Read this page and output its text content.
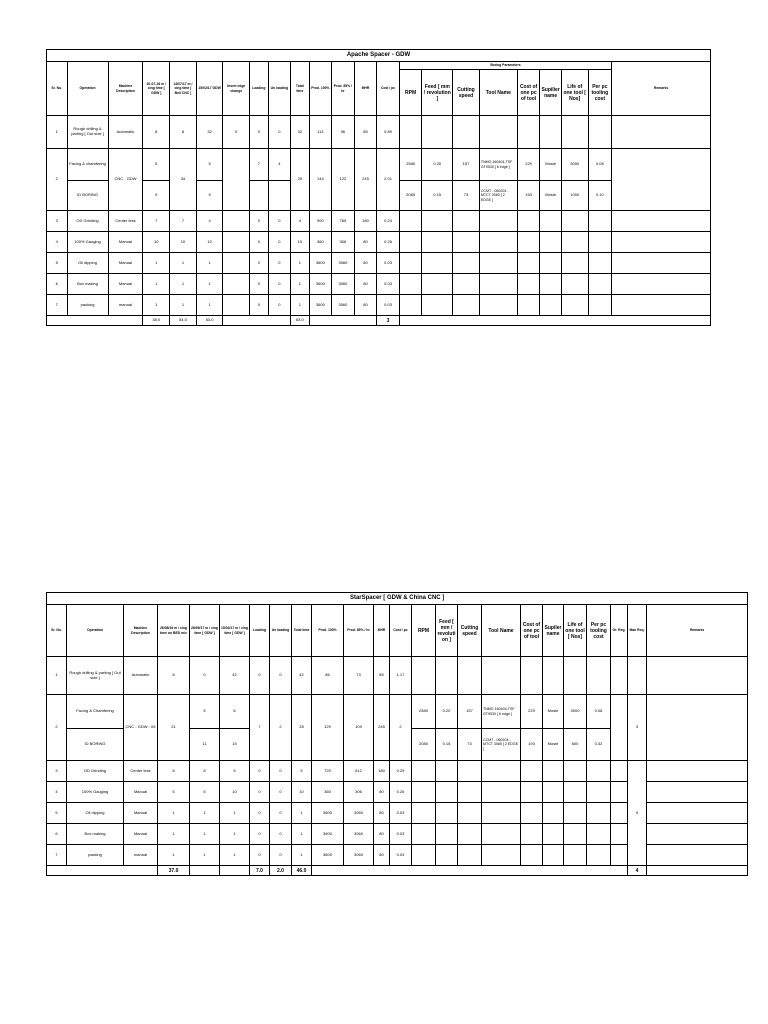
Apache Spacer - GDW																						
Sr. No.	Operation	Machine Description	20-07-16 m / cing time [ GDW ]	14/07/17 m / cing time [ Bell CNC ]	15/02/17 GDW	Insert edge change	Loading	Un loading	Total time	Prod. 100%	Prod. 85% / hr	MHR	Cost / pc	Boring Parameters								Remarks
														RPM	Feed [ mm / revolution ]	Cutting speed	Tool Name	Cost of one pc of tool	Supilier name	Life of one tool [ Nos]	Per pc tooling cost	
1	Rough drilling & parting [ Out side ]	Automatic	8	8	32	0	0	0	32	113	96	85	0.89									
2	Facing & chamfering	CNC - GDW	5	34	5		7	4	25	144	122	245	2.01	2580	0.20	157	TNMG 160404-TSF GT9530 [ 6 edge ]	229	Mosle	3000	0.08	
	ID BORING		9		9									2080	0.15	73	CCMT - 060204 - MTCT 3080 [ 2 EDGE ]	193	Mosle	1000	0.10	
3	OD Grinding	Center less	7	7	4		0	0	4	900	765	180	0.24									
4	100% Gauging	Manual	10	10	10		0	0	10	360	306	80	0.26									
5	Oil dipping	Manual	1	1	1		0	0	1	3600	3060	80	0.03									
6	Box making	Manual	1	1	1		0	0	1	3600	3060	80	0.03									
7	packing	manual	1	1	1		0	0	1	3600	3060	80	0.03									
			38.0	54.0	63.0				63.0				3									
StarSpacer [ GDW & China CNC ]																							
Sr. No.	Operation	Machine Description	26/08/16 m / cing time on BED m/c	28/09/17 m / cing time [ GDW ]	15/02/17 m / cing time [ GDW ]	Loading	Un loading	Total time	Prod. 100%	Prod. 85% / hr	MHR	Cost / pc	RPM	Feed [ mm / revoluti on ]	Cutting speed	Tool Name	Cost of one pc of tool	Supiler name	Life of one tool [ Nos]	Per pc tooling cost	Gr. Reg.	Man Req.	Remarks
1	Rough drilling & parting [ Out side ]	Automatic	8	0	42	0	0	42	86	73	85	1.17											
2	Facing & Chamfering	CNC - GDW - 05	21	5	6	7	2	28	129	109	245	2	2580	0.20	157	TNMG 160404-TSF GT9530 [ 6 edge ]	229	Mosle	3000	0.08		3	
	ID BORING			11	15								2080	0.15	73	CCMT - 060204 - MTCT 3080 [ 2 EDGE ]	193	Mosle	600	0.32			
3	OD Grinding	Center less	8	8	5	0	0	5	720	612	180	0.29										5	
4	100% Gauging	Manual	5	5	10	0	0	10	360	306	80	0.26											
5	Oil dipping	Manual	1	1	1	0	0	1	3600	3060	80	0.03											
6	Box making	Manual	1	1	1	0	0	1	3600	3060	80	0.03											
7	packing	manual	1	1	1	0	0	1	3600	3060	80	0.03											
			37.0			7.0	2.0	46.0														4	
